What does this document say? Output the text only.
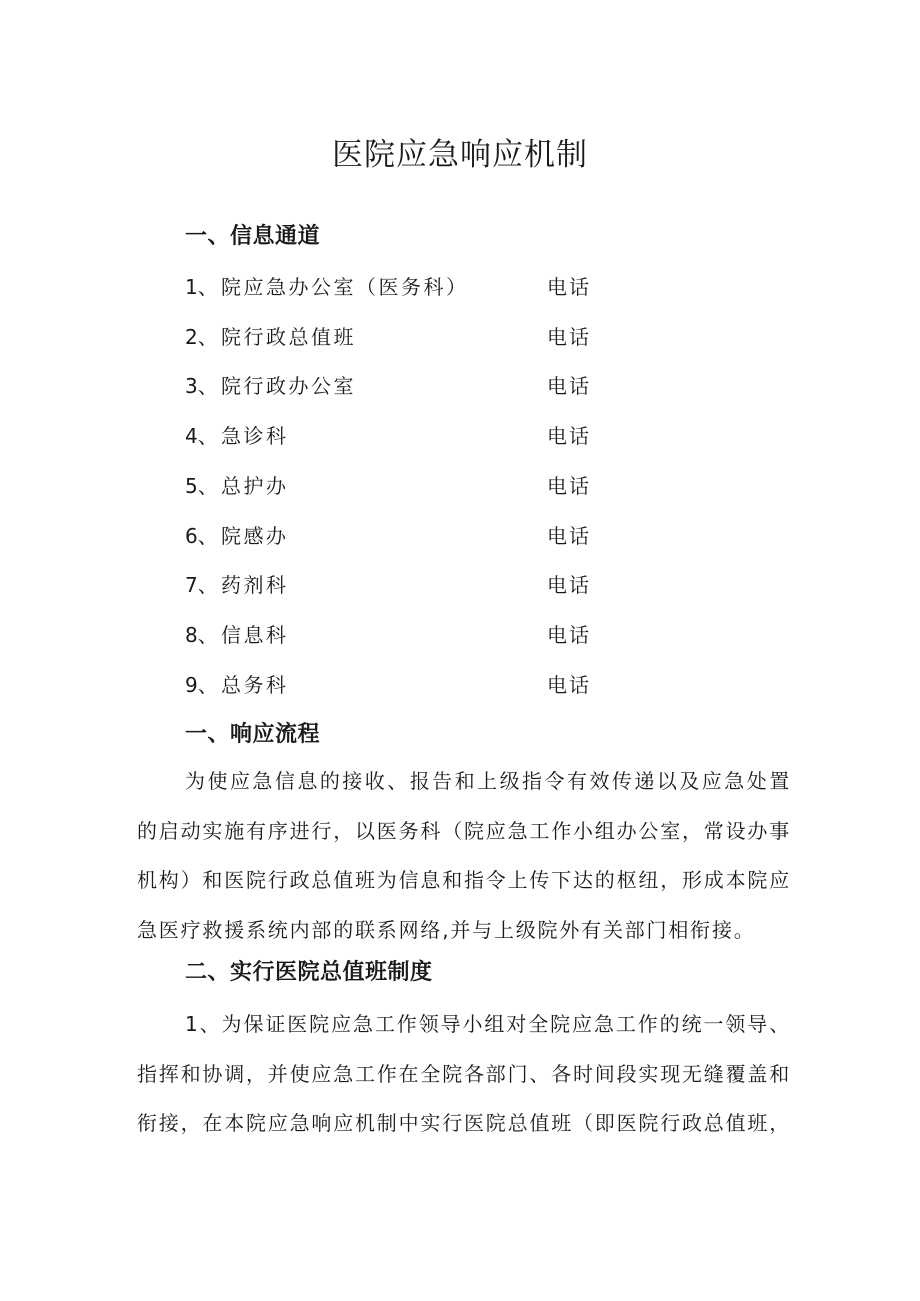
医院应急响应机制
一、信息通道
1、 院应急办公室（医务科）	电话
2、 院行政总值班	电话
3、 院行政办公室	电话
4、 急诊科	电话
5、 总护办	电话
6、 院感办	电话
7、 药剂科	电话
8、 信息科	电话
9、 总务科	电话
一、响应流程
为使应急信息的接收、报告和上级指令有效传递以及应急处置的启动实施有序进行，以医务科（院应急工作小组办公室，常设办事机构）和医院行政总值班为信息和指令上传下达的枢纽，形成本院应急医疗救援系统内部的联系网络,并与上级院外有关部门相衔接。
二、实行医院总值班制度
1、为保证医院应急工作领导小组对全院应急工作的统一领导、指挥和协调，并使应急工作在全院各部门、各时间段实现无缝覆盖和衔接，在本院应急响应机制中实行医院总值班（即医院行政总值班，
